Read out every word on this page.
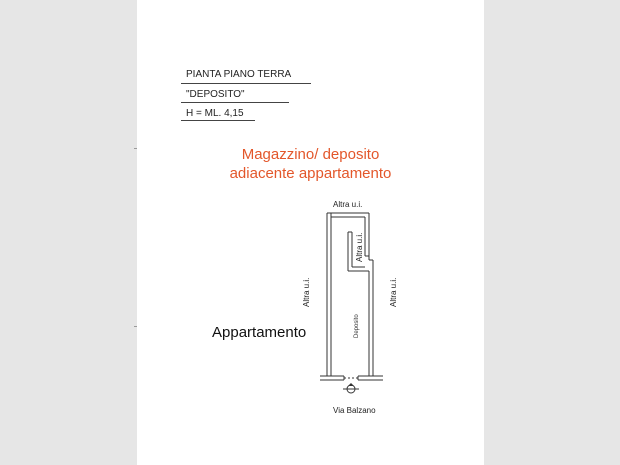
PIANTA PIANO TERRA
"DEPOSITO"
H = ML. 4,15
Magazzino/ deposito
adiacente appartamento
Appartamento
Altra u.i.
Altra u.i.
Altra u.i.	Altra u.i.
Deposito
Via Balzano
